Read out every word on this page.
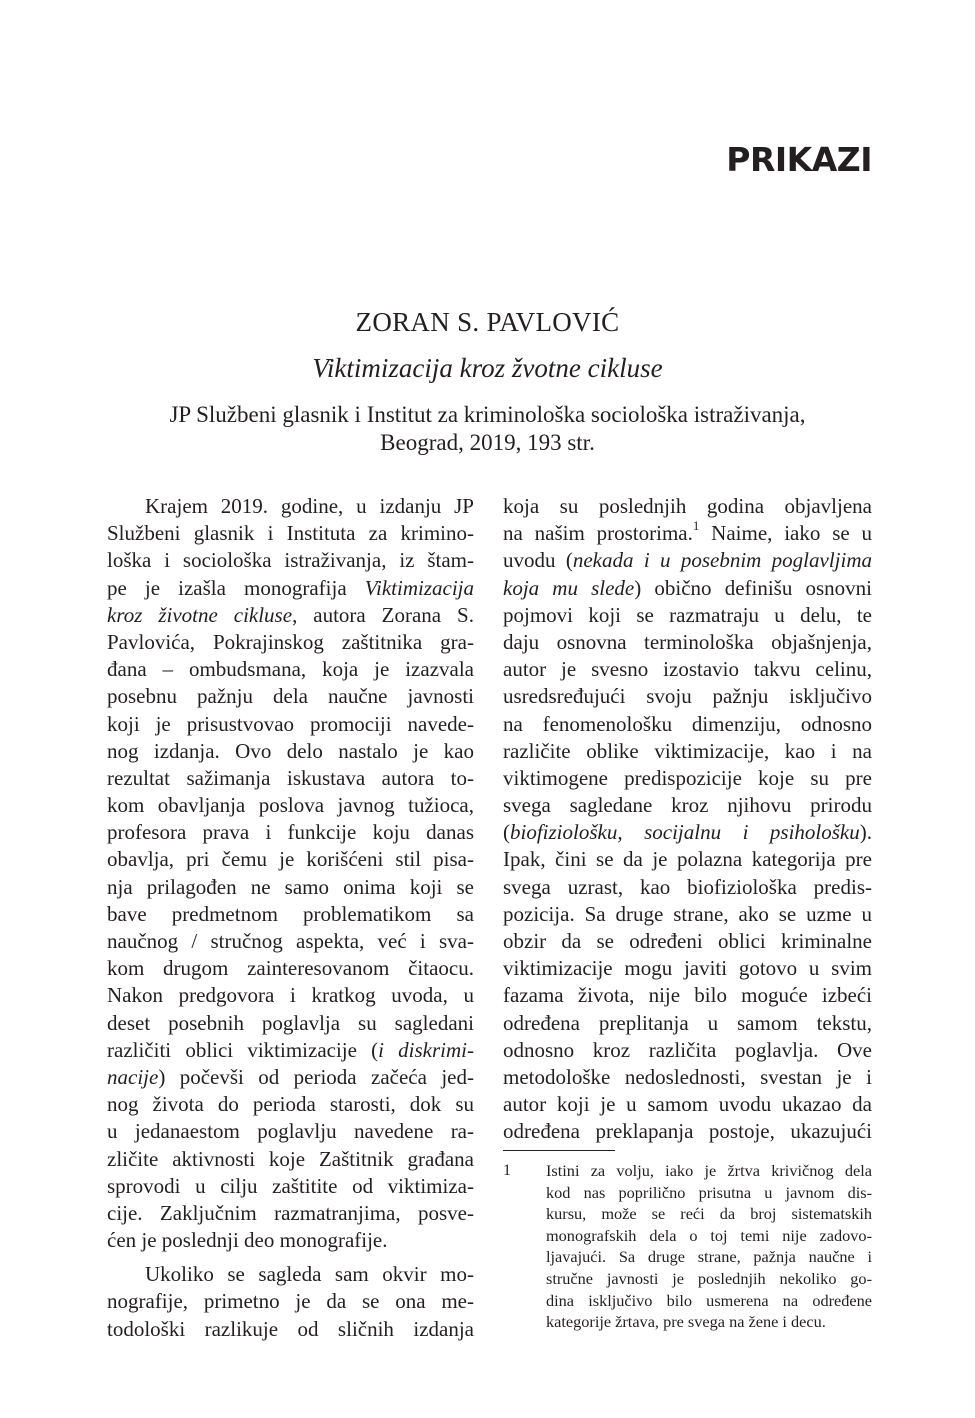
PRIKAZI
ZORAN S. PAVLOVIĆ
Viktimizacija kroz žvotne cikluse
JP Službeni glasnik i Institut za kriminološka sociološka istraživanja,
Beograd, 2019, 193 str.
Krajem 2019. godine, u izdanju JP
Službeni glasnik i Instituta za krimino-
loška i sociološka istraživanja, iz štam-
pe je izašla monografija Viktimizacija
kroz životne cikluse, autora Zorana S.
Pavlovića, Pokrajinskog zaštitnika gra-
đana – ombudsmana, koja je izazvala
posebnu pažnju dela naučne javnosti
koji je prisustvovao promociji navede-
nog izdanja. Ovo delo nastalo je kao
rezultat sažimanja iskustava autora to-
kom obavljanja poslova javnog tužioca,
profesora prava i funkcije koju danas
obavlja, pri čemu je korišćeni stil pisa-
nja prilagođen ne samo onima koji se
bave predmetnom problematikom sa
naučnog / stručnog aspekta, već i sva-
kom drugom zainteresovanom čitaocu.
Nakon predgovora i kratkog uvoda, u
deset posebnih poglavlja su sagledani
različiti oblici viktimizacije (i diskrimi-
nacije) počevši od perioda začeća jed-
nog života do perioda starosti, dok su
u jedanaestom poglavlju navedene ra-
zličite aktivnosti koje Zaštitnik građana
sprovodi u cilju zaštitite od viktimiza-
cije. Zaključnim razmatranjima, posve-
ćen je poslednji deo monografije.
Ukoliko se sagleda sam okvir mo-
nografije, primetno je da se ona me-
todološki razlikuje od sličnih izdanja
koja su poslednjih godina objavljena
na našim prostorima.$^1$ Naime, iako se u
uvodu (nekada i u posebnim poglavljima
koja mu slede) obično definišu osnovni
pojmovi koji se razmatraju u delu, te
daju osnovna terminološka objašnjenja,
autor je svesno izostavio takvu celinu,
usredsređujući svoju pažnju isključivo
na fenomenološku dimenziju, odnosno
različite oblike viktimizacije, kao i na
viktimogene predispozicije koje su pre
svega sagledane kroz njihovu prirodu
(biofiziološku, socijalnu i psihološku).
Ipak, čini se da je polazna kategorija pre
svega uzrast, kao biofiziološka predis-
pozicija. Sa druge strane, ako se uzme u
obzir da se određeni oblici kriminalne
viktimizacije mogu javiti gotovo u svim
fazama života, nije bilo moguće izbeći
određena preplitanja u samom tekstu,
odnosno kroz različita poglavlja. Ove
metodološke nedoslednosti, svestan je i
autor koji je u samom uvodu ukazao da
određena preklapanja postoje, ukazujući
1 Istini za volju, iako je žrtva krivičnog dela
kod nas poprilično prisutna u javnom dis-
kursu, može se reći da broj sistematskih
monografskih dela o toj temi nije zadovo-
ljavajući. Sa druge strane, pažnja naučne i
stručne javnosti je poslednjih nekoliko go-
dina isključivo bilo usmerena na određene
kategorije žrtava, pre svega na žene i decu.
